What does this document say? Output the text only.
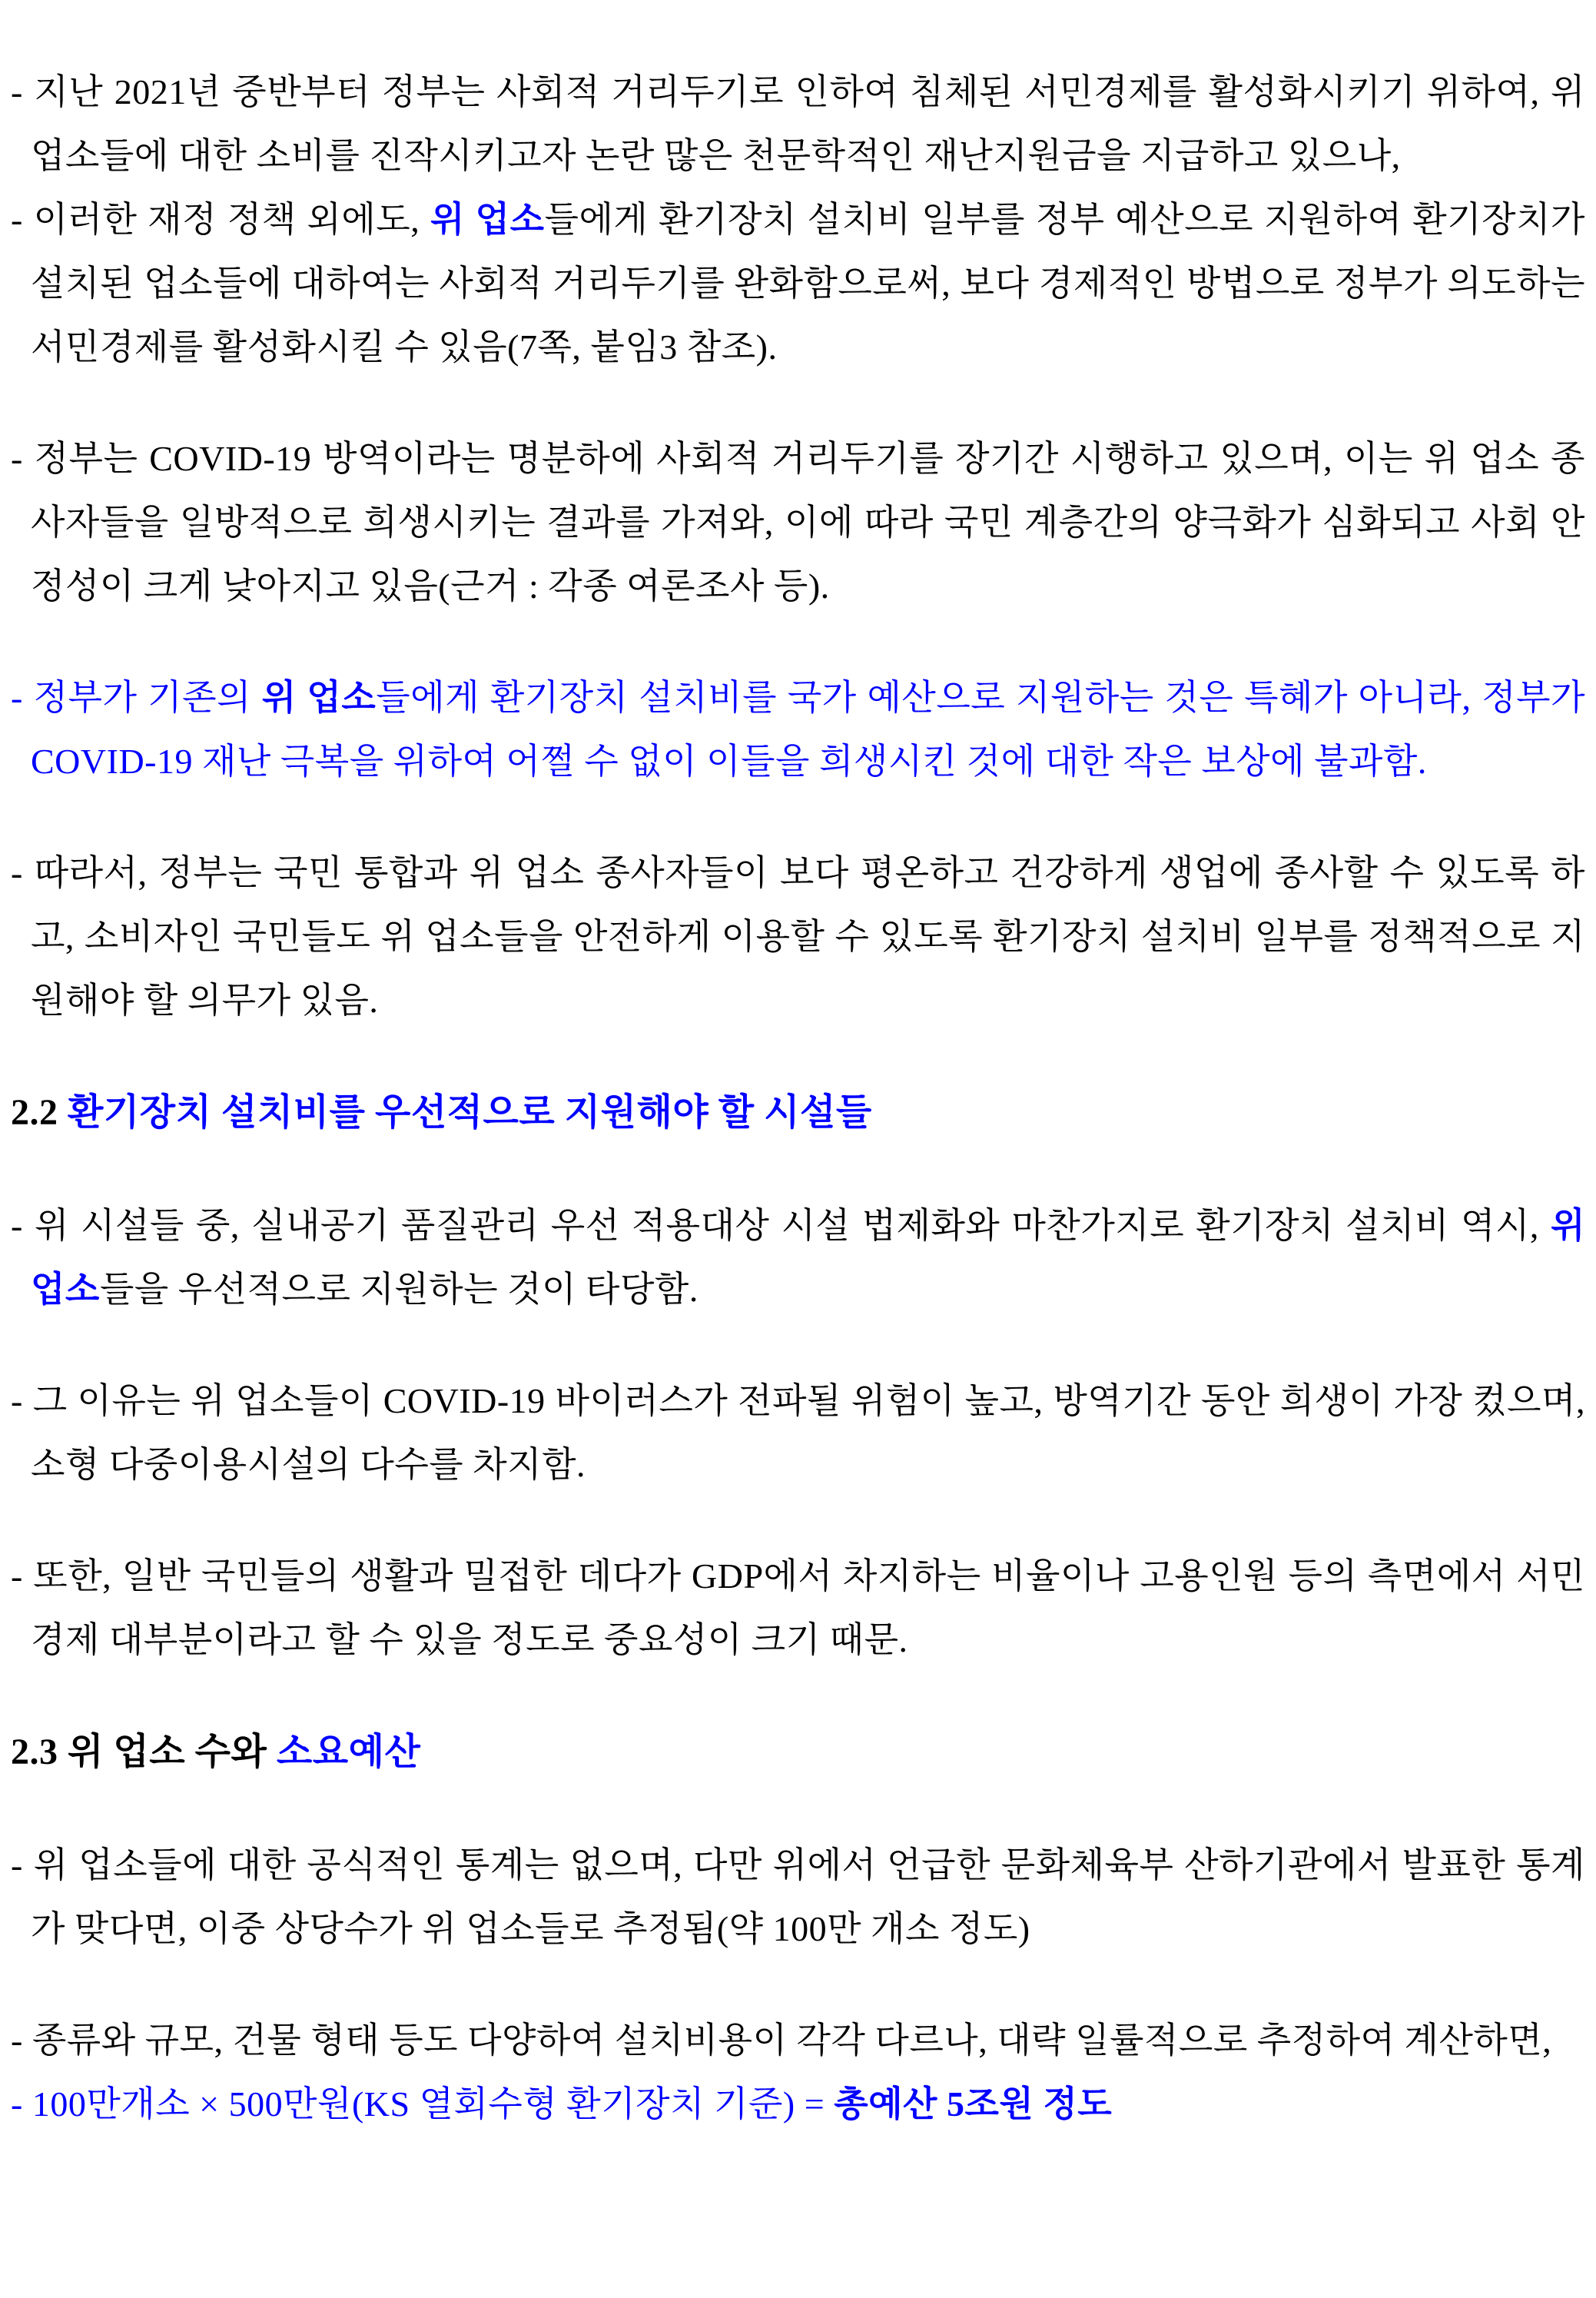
- 지난 2021년 중반부터 정부는 사회적 거리두기로 인하여 침체된 서민경제를 활성화시키기 위하여, 위 업소들에 대한 소비를 진작시키고자 논란 많은 천문학적인 재난지원금을 지급하고 있으나,

- 이러한 재정 정책 외에도, 위 업소들에게 환기장치 설치비 일부를 정부 예산으로 지원하여 환기장치가 설치된 업소들에 대하여는 사회적 거리두기를 완화함으로써, 보다 경제적인 방법으로 정부가 의도하는 서민경제를 활성화시킬 수 있음(7쪽, 붙임3 참조).

- 정부는 COVID-19 방역이라는 명분하에 사회적 거리두기를 장기간 시행하고 있으며, 이는 위 업소 종사자들을 일방적으로 희생시키는 결과를 가져와, 이에 따라 국민 계층간의 양극화가 심화되고 사회 안정성이 크게 낮아지고 있음(근거 : 각종 여론조사 등).

- 정부가 기존의 위 업소들에게 환기장치 설치비를 국가 예산으로 지원하는 것은 특혜가 아니라, 정부가 COVID-19 재난 극복을 위하여 어쩔 수 없이 이들을 희생시킨 것에 대한 작은 보상에 불과함.

- 따라서, 정부는 국민 통합과 위 업소 종사자들이 보다 평온하고 건강하게 생업에 종사할 수 있도록 하고, 소비자인 국민들도 위 업소들을 안전하게 이용할 수 있도록 환기장치 설치비 일부를 정책적으로 지원해야 할 의무가 있음.

2.2 환기장치 설치비를 우선적으로 지원해야 할 시설들

- 위 시설들 중, 실내공기 품질관리 우선 적용대상 시설 법제화와 마찬가지로 환기장치 설치비 역시, 위 업소들을 우선적으로 지원하는 것이 타당함.

- 그 이유는 위 업소들이 COVID-19 바이러스가 전파될 위험이 높고, 방역기간 동안 희생이 가장 컸으며, 소형 다중이용시설의 다수를 차지함.

- 또한, 일반 국민들의 생활과 밀접한 데다가 GDP에서 차지하는 비율이나 고용인원 등의 측면에서 서민 경제 대부분이라고 할 수 있을 정도로 중요성이 크기 때문.

2.3 위 업소 수와 소요예산

- 위 업소들에 대한 공식적인 통계는 없으며, 다만 위에서 언급한 문화체육부 산하기관에서 발표한 통계가 맞다면, 이중 상당수가 위 업소들로 추정됨(약 100만 개소 정도)

- 종류와 규모, 건물 형태 등도 다양하여 설치비용이 각각 다르나, 대략 일률적으로 추정하여 계산하면,

- 100만개소 × 500만원(KS 열회수형 환기장치 기준) = 총예산 5조원 정도
